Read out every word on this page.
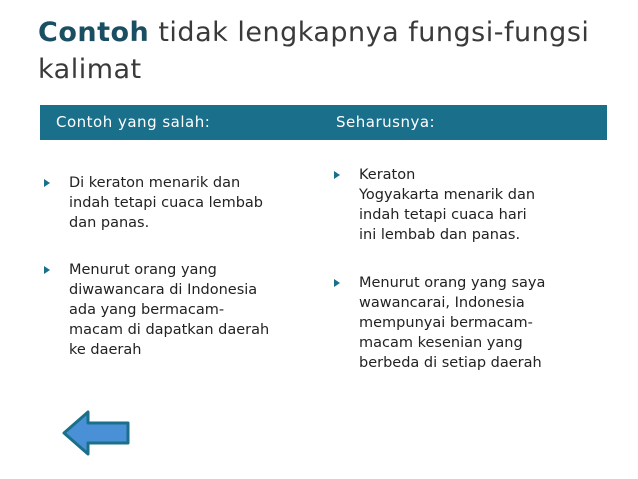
Contoh tidak lengkapnya fungsi-fungsi kalimat
Contoh yang salah:	Seharusnya:
Di keraton menarik dan
indah tetapi cuaca lembab
dan panas.
Menurut orang yang
diwawancara di Indonesia
ada yang bermacam-
macam di dapatkan daerah
ke daerah
Keraton
Yogyakarta menarik dan
indah tetapi cuaca hari
ini lembab dan panas.
Menurut orang yang saya
wawancarai, Indonesia
mempunyai bermacam-
macam kesenian yang
berbeda di setiap daerah
